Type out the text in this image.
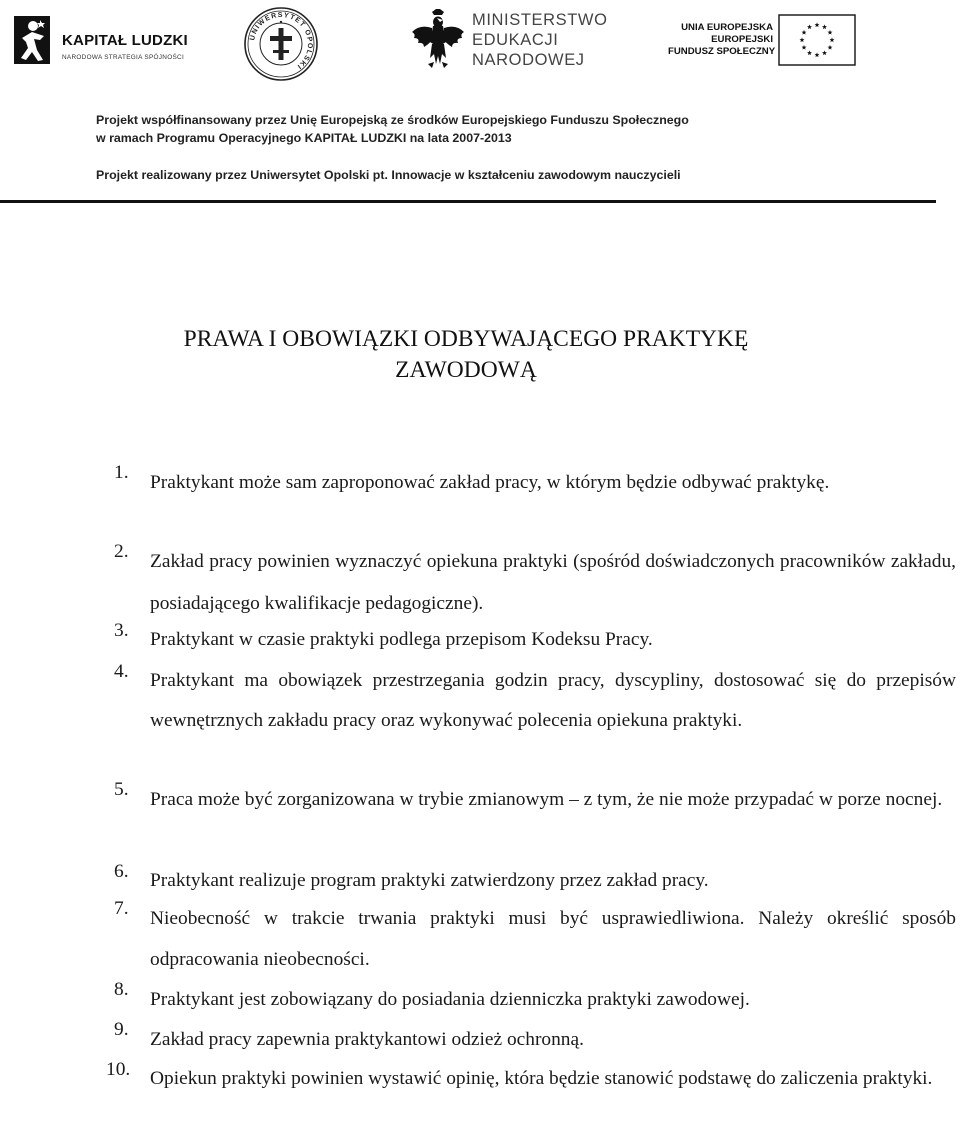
KAPITAŁ LUDZKI
NARODOWA STRATEGIA SPÓJNOŚCI
UNIWERSYTET OPOLSKI
MINISTERSTWO
EDUKACJI
NARODOWEJ
UNIA EUROPEJSKA
EUROPEJSKI
FUNDUSZ SPOŁECZNY
Projekt współfinansowany przez Unię Europejską ze środków Europejskiego Funduszu Społecznego
w ramach Programu Operacyjnego KAPITAŁ LUDZKI na lata 2007-2013
Projekt realizowany przez Uniwersytet Opolski pt. Innowacje w kształceniu zawodowym nauczycieli
PRAWA I OBOWIĄZKI ODBYWAJĄCEGO PRAKTYKĘ
ZAWODOWĄ
1. Praktykant może sam zaproponować zakład pracy, w którym będzie odbywać praktykę.
2. Zakład pracy powinien wyznaczyć opiekuna praktyki (spośród doświadczonych pracowników zakładu, posiadającego kwalifikacje pedagogiczne).
3. Praktykant w czasie praktyki podlega przepisom Kodeksu Pracy.
4. Praktykant ma obowiązek przestrzegania godzin pracy, dyscypliny, dostosować się do przepisów wewnętrznych zakładu pracy oraz wykonywać polecenia opiekuna praktyki.
5. Praca może być zorganizowana w trybie zmianowym – z tym, że nie może przypadać w porze nocnej.
6. Praktykant realizuje program praktyki zatwierdzony przez zakład pracy.
7. Nieobecność w trakcie trwania praktyki musi być usprawiedliwiona. Należy określić sposób odpracowania nieobecności.
8. Praktykant jest zobowiązany do posiadania dzienniczka praktyki zawodowej.
9. Zakład pracy zapewnia praktykantowi odzież ochronną.
10. Opiekun praktyki powinien wystawić opinię, która będzie stanowić podstawę do zaliczenia praktyki.
